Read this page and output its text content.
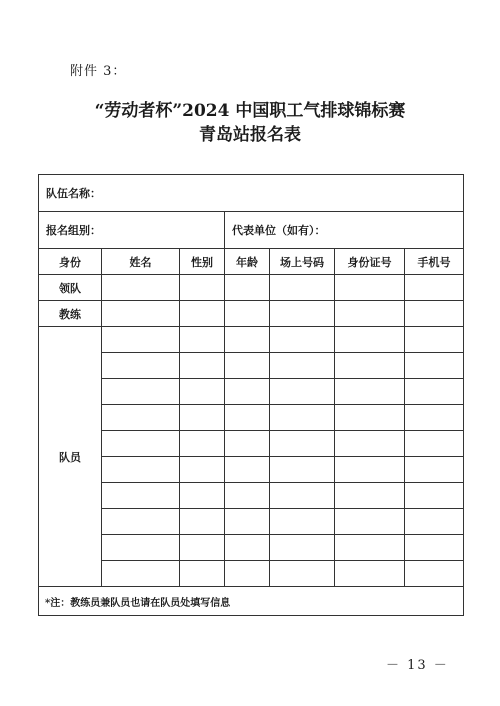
附件 3：
“劳动者杯”2024 中国职工气排球锦标赛
青岛站报名表
队伍名称：						
报名组别：			代表单位（如有）：			
身份	姓名	性别	年龄	场上号码	身份证号	手机号
领队						
教练						
队员						

*注：教练员兼队员也请在队员处填写信息						
－ 13 －
